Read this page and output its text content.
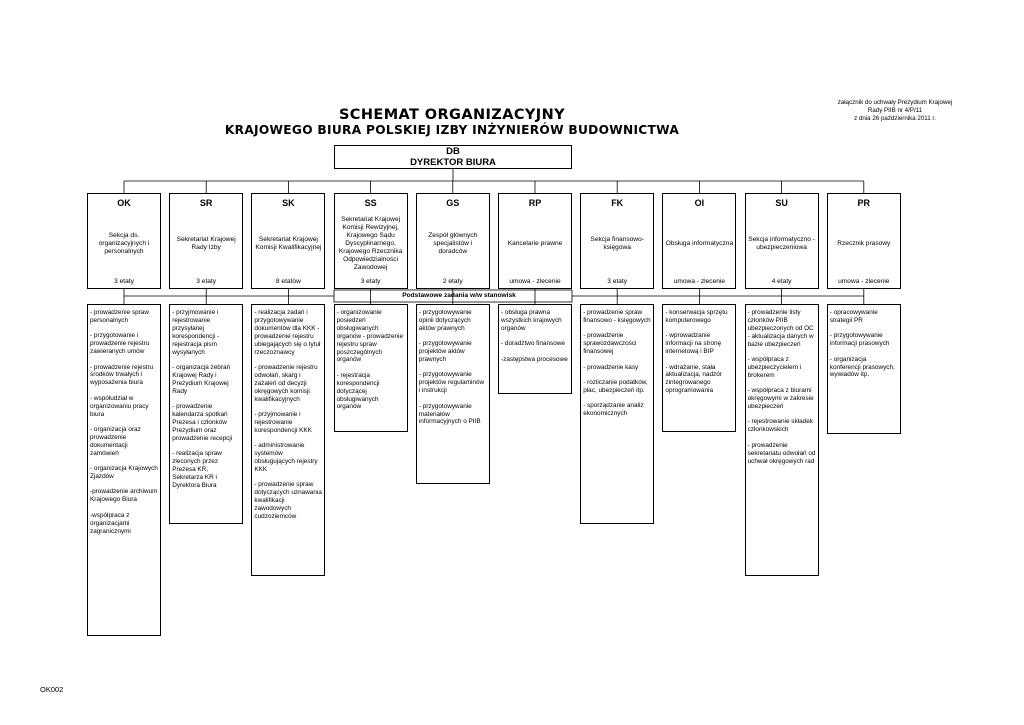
załącznik do uchwały Prezydium Krajowej
Rady PIIB nr 4/P/11
z dnia 26 października 2011 r.
SCHEMAT ORGANIZACYJNY
KRAJOWEGO BIURA POLSKIEJ IZBY INŻYNIERÓW BUDOWNICTWA
DB
DYREKTOR BIURA
OK
Sekcja ds. organizacyjnych i personalnych
3 etaty
SR
Sekretariat Krajowej Rady Izby
3 etaty
SK
Sekretariat Krajowej Komisji Kwalifikacyjnej
8 etatów
SS
Sekretariat Krajowej Komisji Rewizyjnej, Krajowego Sądu Dyscyplinarnego, Krajowego Rzecznika Odpowiedzialności Zawodowej
3 etaty
GS
Zespół głównych specjalistów i doradców
2 etaty
RP
Kancelarie prawne
umowa - zlecenie
FK
Sekcja finansowo-księgowa
3 etaty
OI
Obsługa informatyczna
umowa - zlecenie
SU
Sekcja informatyczno - ubezpieczeniowa
4 etaty
PR
Rzecznik prasowy
umowa - zlecenie
Podstawowe zadania w/w stanowisk
- prowadzenie spraw personalnych
- przygotowanie i prowadzenie rejestru zawieranych umów
- prowadzenie rejestru środków trwałych i wyposażenia biura
- współudział w organizowaniu pracy biura
- organizacja oraz prowadzenie dokumentacji zamówień
- organizacja Krajowych Zjazdów
-prowadzenie archiwum Krajowego Biura
-współpraca z organizacjami zagranicznymi
- przyjmowanie i rejestrowanie przysyłanej korespondencji - rejestracja pism wysyłanych
- organizacja zebrań Krajowej Rady i Prezydium Krajowej Rady
- prowadzenie kalendarza spotkań Prezesa i członków Prezydium oraz prowadzenie recepcji
- realizacja spraw zleconych przez Prezesa KR, Sekretarza KR i Dyrektora Biura
- realizacja zadań i przygotowywanie dokumentów dla KKK -prowadzenie rejestru ubiegających się o tytuł rzeczoznawcy
- prowadzenie rejestru odwołań, skarg i zażaleń od decyzji okręgowych komisji kwalifikacyjnych
- przyjmowanie i rejestrowanie korespondencji KKK
- administrowanie systemów obsługujących rejestry KKK
- prowadzenie spraw dotyczących uznawania kwalifikacji zawodowych cudzoziemców
- organizowanie posiedzeń obsługiwanych organów - prowadzenie rejestru spraw poszczególnych organów
- rejestracja korespondencji dotyczącej obsługiwanych organów
- przygotowywanie opinii dotyczących aktów prawnych
- przygotowywanie projektów aktów prawnych
- przygotowywanie projektów regulaminów i instrukcji
- przygotowywanie materiałów informacyjnych o PIIB
- obsługa prawna wszystkich krajowych organów
- doradztwo finansowe
-zastępstwa procesowe
- prowadzenie spraw finansowo - księgowych
- prowadzenie sprawozdawczości finansowej
- prowadzenie kasy
- rozliczanie podatków, płac, ubezpieczeń itp.
- sporządzanie analiz ekonomicznych
- konserwacja sprzętu komputerowego
- wprowadzanie informacji na stronę internetową i BIP
- wdrażanie, stała aktualizacja, nadzór zintegrowanego oprogramowania
- prowadzenie listy członków PIIB ubezpieczonych od OC - aktualizacja danych w bazie ubezpieczeń
- współpraca z ubezpieczycielem i brokerem
- współpraca z biurami okręgowymi w zakresie ubezpieczeń
- rejestrowanie składek członkowskich
- prowadzenie sekretariatu odwołań od uchwał okręgowych rad
- opracowywanie strategii PR
- przygotowywanie informacji prasowych
- organizacja konferencji prasowych, wywiadów itp.
OK002
